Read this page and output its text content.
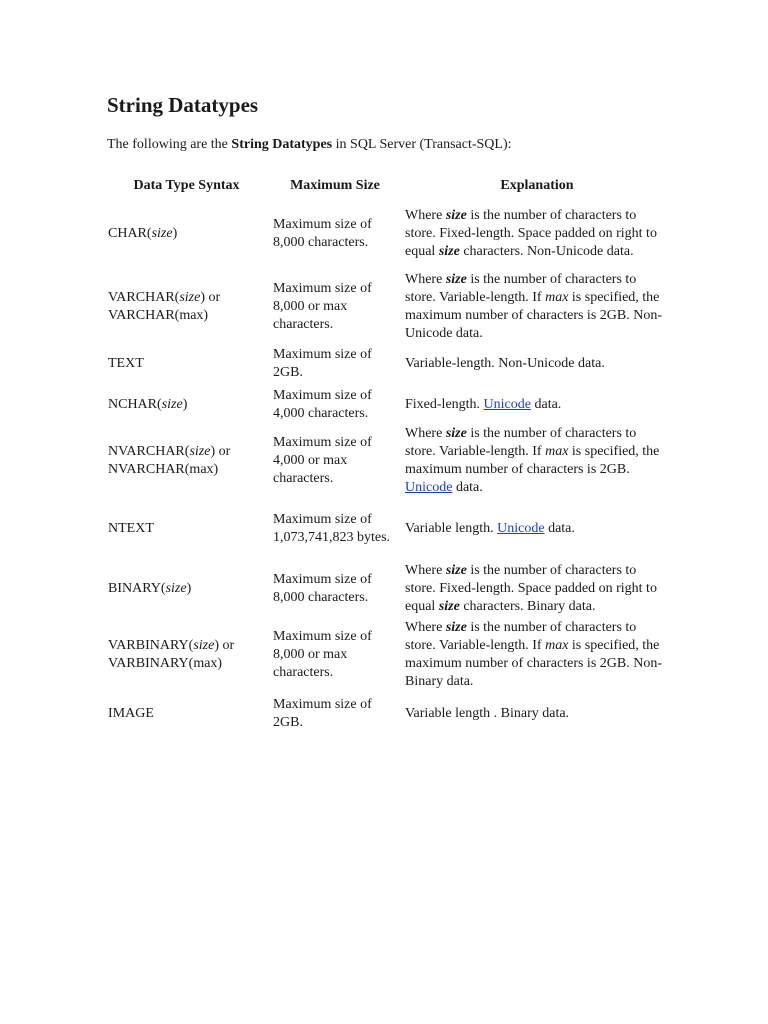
String Datatypes

The following are the String Datatypes in SQL Server (Transact-SQL):

Data Type Syntax	Maximum Size	Explanation
CHAR(size)	Maximum size of 8,000 characters.	Where size is the number of characters to store. Fixed-length. Space padded on right to equal size characters. Non-Unicode data.
VARCHAR(size) or
VARCHAR(max)	Maximum size of 8,000 or max characters.	Where size is the number of characters to store. Variable-length. If max is specified, the maximum number of characters is 2GB. Non-Unicode data.
TEXT	Maximum size of 2GB.	Variable-length. Non-Unicode data.
NCHAR(size)	Maximum size of 4,000 characters.	Fixed-length. Unicode data.
NVARCHAR(size) or
NVARCHAR(max)	Maximum size of 4,000 or max characters.	Where size is the number of characters to store. Variable-length. If max is specified, the maximum number of characters is 2GB. Unicode data.
NTEXT	Maximum size of 1,073,741,823 bytes.	Variable length. Unicode data.
BINARY(size)	Maximum size of 8,000 characters.	Where size is the number of characters to store. Fixed-length. Space padded on right to equal size characters. Binary data.
VARBINARY(size) or
VARBINARY(max)	Maximum size of 8,000 or max characters.	Where size is the number of characters to store. Variable-length. If max is specified, the maximum number of characters is 2GB. Non-Binary data.
IMAGE	Maximum size of 2GB.	Variable length . Binary data.
